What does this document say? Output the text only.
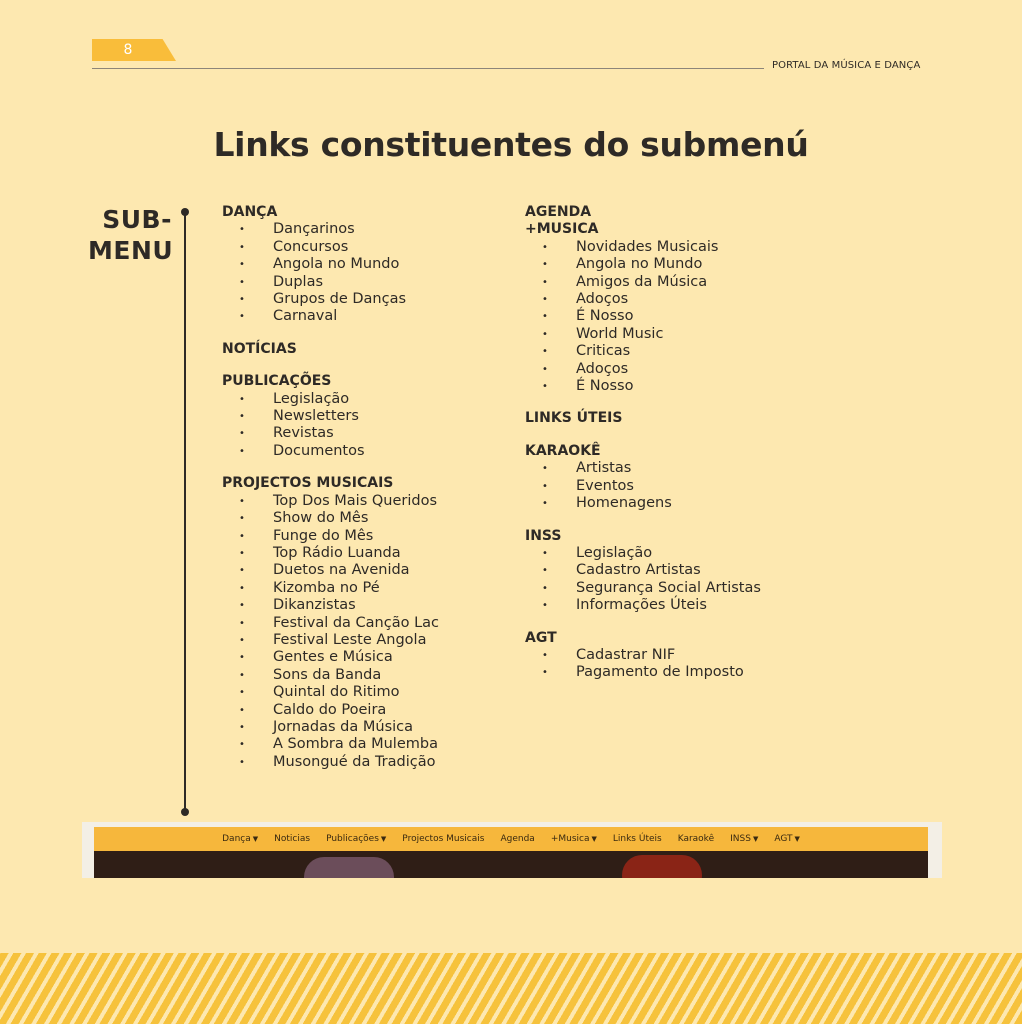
8
PORTAL DA MÚSICA E DANÇA
Links constituentes do submenú
SUB-
MENU
DANÇA
•	Dançarinos
•	Concursos
•	Angola no Mundo
•	Duplas
•	Grupos de Danças
•	Carnaval
NOTÍCIAS
PUBLICAÇÕES
•	Legislação
•	Newsletters
•	Revistas
•	Documentos
PROJECTOS MUSICAIS
•	Top Dos Mais Queridos
•	Show do Mês
•	Funge do Mês
•	Top Rádio Luanda
•	Duetos na Avenida
•	Kizomba no Pé
•	Dikanzistas
•	Festival da Canção Lac
•	Festival Leste Angola
•	Gentes e Música
•	Sons da Banda
•	Quintal do Ritimo
•	Caldo do Poeira
•	Jornadas da Música
•	A Sombra da Mulemba
•	Musongué da Tradição
AGENDA
+MUSICA
•	Novidades Musicais
•	Angola no Mundo
•	Amigos da Música
•	Adoços
•	É Nosso
•	World Music
•	Criticas
•	Adoços
•	É Nosso
LINKS ÚTEIS
KARAOKÊ
•	Artistas
•	Eventos
•	Homenagens
INSS
•	Legislação
•	Cadastro Artistas
•	Segurança Social Artistas
•	Informações Úteis
AGT
•	Cadastrar NIF
•	Pagamento de Imposto
Dança ▼ Noticias Publicações ▼ Projectos Musicais Agenda +Musica ▼ Links Úteis Karaokê INSS ▼ AGT ▼
